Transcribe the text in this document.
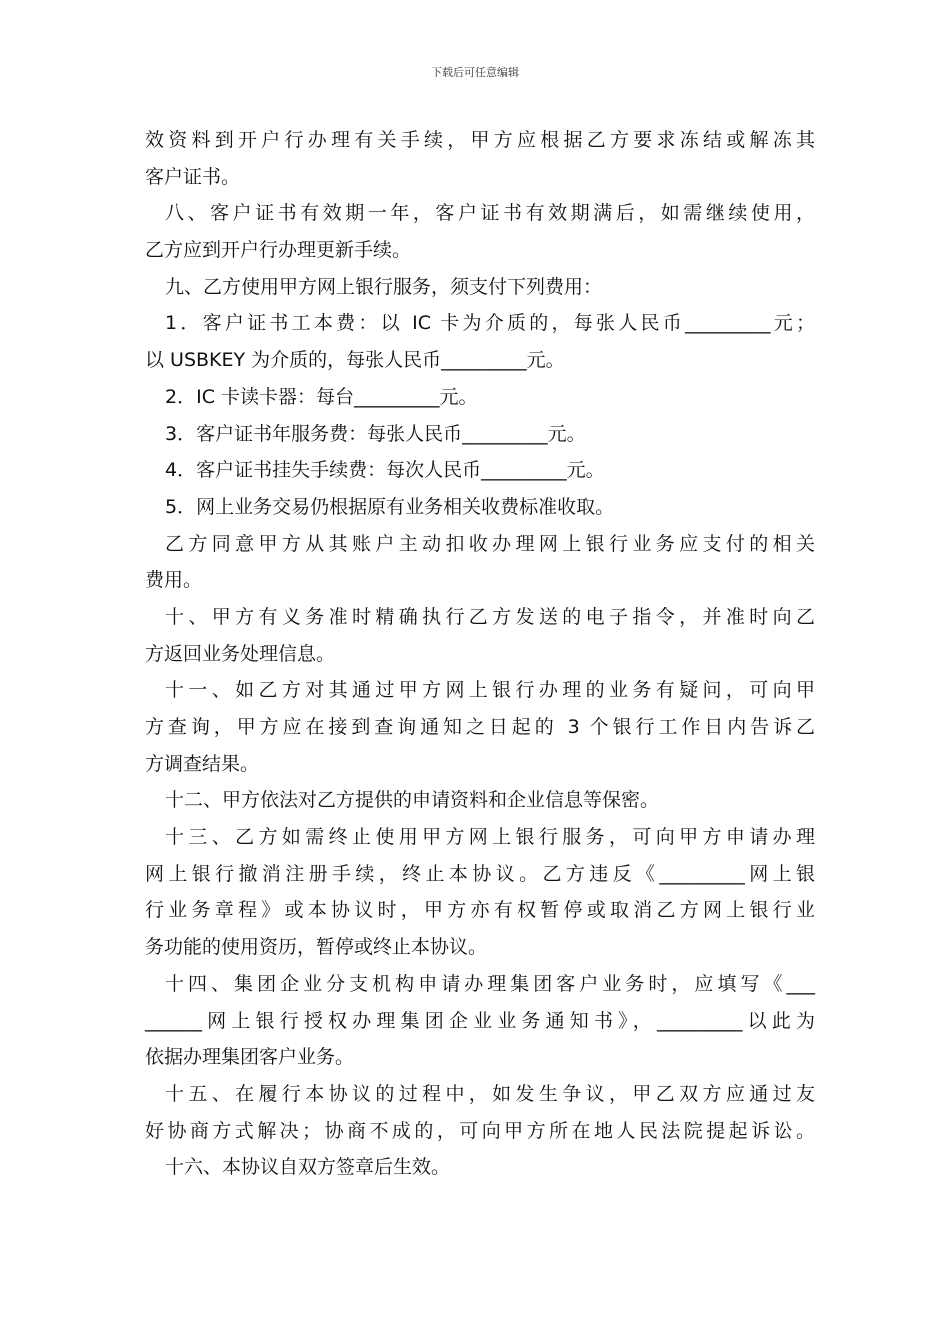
下载后可任意编辑
效资料到开户行办理有关手续，甲方应根据乙方要求冻结或解冻其
客户证书。
八、客户证书有效期一年，客户证书有效期满后，如需继续使用，
乙方应到开户行办理更新手续。
九、乙方使用甲方网上银行服务，须支付下列费用：
1．客户证书工本费：以 IC 卡为介质的，每张人民币_________元；
以 USBKEY 为介质的，每张人民币_________元。
2．IC 卡读卡器：每台_________元。
3．客户证书年服务费：每张人民币_________元。
4．客户证书挂失手续费：每次人民币_________元。
5．网上业务交易仍根据原有业务相关收费标准收取。
乙方同意甲方从其账户主动扣收办理网上银行业务应支付的相关
费用。
十、甲方有义务准时精确执行乙方发送的电子指令，并准时向乙
方返回业务处理信息。
十一、如乙方对其通过甲方网上银行办理的业务有疑问，可向甲
方查询，甲方应在接到查询通知之日起的 3 个银行工作日内告诉乙
方调查结果。
十二、甲方依法对乙方提供的申请资料和企业信息等保密。
十三、乙方如需终止使用甲方网上银行服务，可向甲方申请办理
网上银行撤消注册手续，终止本协议。乙方违反《_________网上银
行业务章程》或本协议时，甲方亦有权暂停或取消乙方网上银行业
务功能的使用资历，暂停或终止本协议。
十四、集团企业分支机构申请办理集团客户业务时，应填写《___
______网上银行授权办理集团企业业务通知书》，_________以此为
依据办理集团客户业务。
十五、在履行本协议的过程中，如发生争议，甲乙双方应通过友
好协商方式解决；协商不成的，可向甲方所在地人民法院提起诉讼。
十六、本协议自双方签章后生效。
